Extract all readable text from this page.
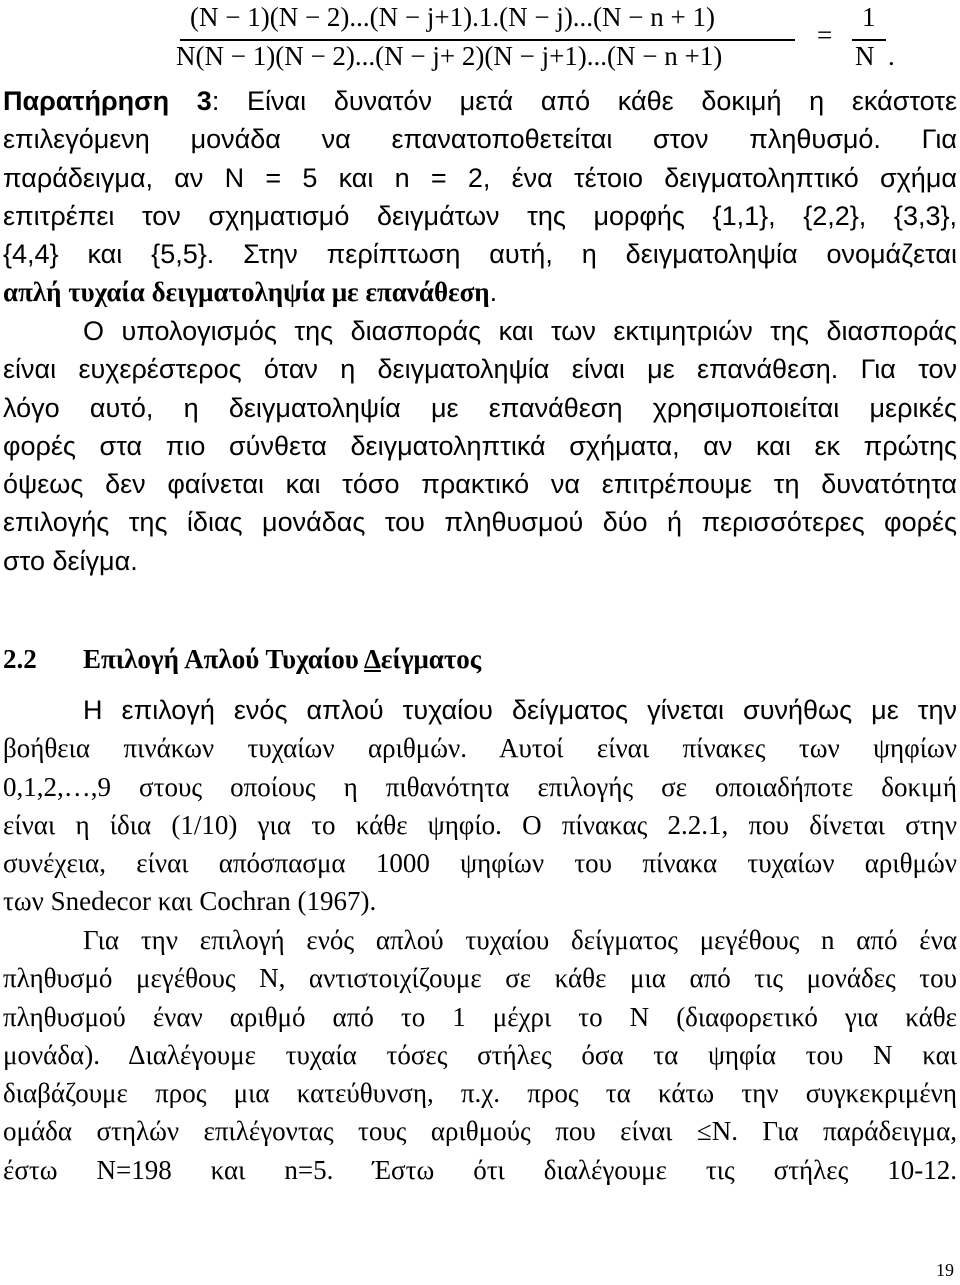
(N − 1)(N − 2)...(N − j+1).1.(N − j)...(N − n + 1)
N(N − 1)(N − 2)...(N − j+ 2)(N − j+1)...(N − n +1)
=
1
N .
Παρατήρηση 3: Είναι δυνατόν μετά από κάθε δοκιμή η εκάστοτε
επιλεγόμενη μονάδα να επανατοποθετείται στον πληθυσμό. Για
παράδειγμα, αν N = 5 και n = 2, ένα τέτοιο δειγματοληπτικό σχήμα
επιτρέπει τον σχηματισμό δειγμάτων της μορφής {1,1}, {2,2}, {3,3},
{4,4} και {5,5}. Στην περίπτωση αυτή, η δειγματοληψία ονομάζεται
απλή τυχαία δειγματοληψία με επανάθεση.
Ο υπολογισμός της διασποράς και των εκτιμητριών της διασποράς
είναι ευχερέστερος όταν η δειγματοληψία είναι με επανάθεση. Για τον
λόγο αυτό, η δειγματοληψία με επανάθεση χρησιμοποιείται μερικές
φορές στα πιο σύνθετα δειγματοληπτικά σχήματα, αν και εκ πρώτης
όψεως δεν φαίνεται και τόσο πρακτικό να επιτρέπουμε τη δυνατότητα
επιλογής της ίδιας μονάδας του πληθυσμού δύο ή περισσότερες φορές
στο δείγμα.
2.2 Επιλογή Απλού Τυχαίου Δείγματος
Η επιλογή ενός απλού τυχαίου δείγματος γίνεται συνήθως με την
βοήθεια πινάκων τυχαίων αριθμών. Αυτοί είναι πίνακες των ψηφίων
0,1,2,…,9 στους οποίους η πιθανότητα επιλογής σε οποιαδήποτε δοκιμή
είναι η ίδια (1/10) για το κάθε ψηφίο. Ο πίνακας 2.2.1, που δίνεται στην
συνέχεια, είναι απόσπασμα 1000 ψηφίων του πίνακα τυχαίων αριθμών
των Snedecor και Cochran (1967).
Για την επιλογή ενός απλού τυχαίου δείγματος μεγέθους n από ένα
πληθυσμό μεγέθους N, αντιστοιχίζουμε σε κάθε μια από τις μονάδες του
πληθυσμού έναν αριθμό από το 1 μέχρι το N (διαφορετικό για κάθε
μονάδα). Διαλέγουμε τυχαία τόσες στήλες όσα τα ψηφία του N και
διαβάζουμε προς μια κατεύθυνση, π.χ. προς τα κάτω την συγκεκριμένη
ομάδα στηλών επιλέγοντας τους αριθμούς που είναι ≤N. Για παράδειγμα,
έστω N=198 και n=5. Έστω ότι διαλέγουμε τις στήλες 10-12.
19
